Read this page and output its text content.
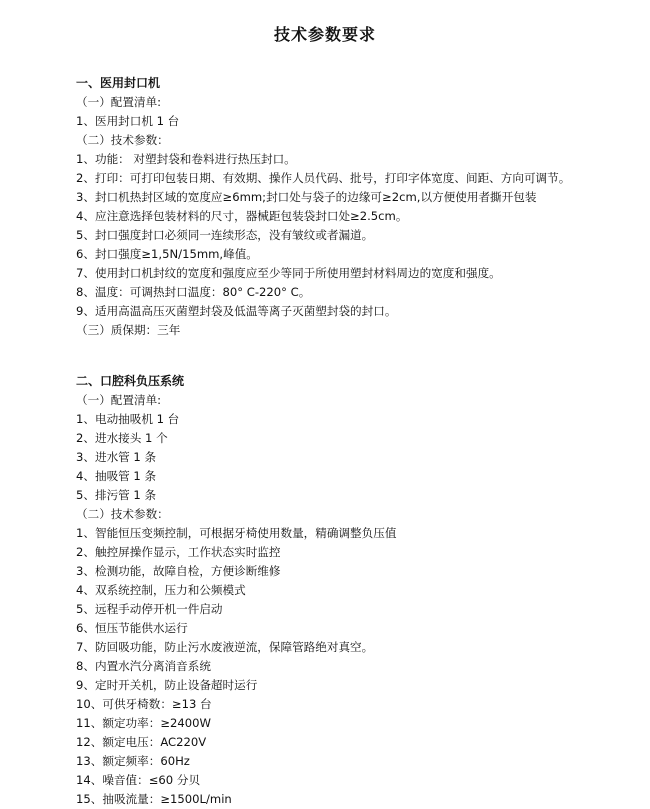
技术参数要求
一、医用封口机
（一）配置清单:
1、医用封口机 1 台
（二）技术参数：
1、功能： 对塑封袋和卷料进行热压封口。
2、打印：可打印包装日期、有效期、操作人员代码、批号，打印字体宽度、间距、方向可调节。
3、封口机热封区域的宽度应≥6mm;封口处与袋子的边缘可≥2cm,以方便使用者撕开包装
4、应注意选择包装材料的尺寸，器械距包装袋封口处≥2.5cm。
5、封口强度封口必须同一连续形态，没有皱纹或者漏道。
6、封口强度≥1,5N/15mm,峰值。
7、使用封口机封纹的宽度和强度应至少等同于所使用塑封材料周边的宽度和强度。
8、温度：可调热封口温度：80° C-220° C。
9、适用高温高压灭菌塑封袋及低温等离子灭菌塑封袋的封口。
（三）质保期：三年
二、口腔科负压系统
（一）配置清单:
1、电动抽吸机 1 台
2、进水接头 1 个
3、进水管 1 条
4、抽吸管 1 条
5、排污管 1 条
（二）技术参数：
1、智能恒压变频控制，可根据牙椅使用数量，精确调整负压值
2、触控屏操作显示，工作状态实时监控
3、检测功能，故障自检，方便诊断维修
4、双系统控制，压力和公频模式
5、远程手动停开机一件启动
6、恒压节能供水运行
7、防回吸功能，防止污水废液逆流，保障管路绝对真空。
8、内置水汽分离消音系统
9、定时开关机，防止设备超时运行
10、可供牙椅数：≥13 台
11、额定功率：≥2400W
12、额定电压：AC220V
13、额定频率：60Hz
14、噪音值：≤60 分贝
15、抽吸流量：≥1500L/min
